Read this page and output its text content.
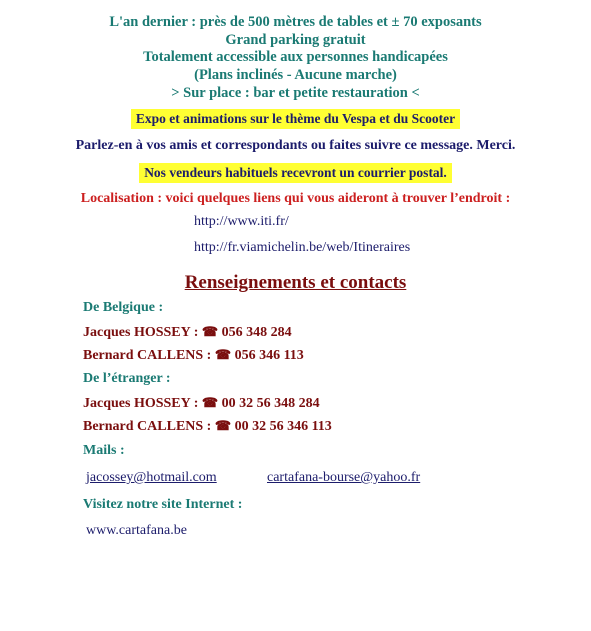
L'an dernier : près de 500 mètres de tables et ± 70 exposants
Grand parking gratuit
Totalement accessible aux personnes handicapées
(Plans inclinés - Aucune marche)
> Sur place : bar et petite restauration <
Expo et animations sur le thème du Vespa et du Scooter
Parlez-en à vos amis et correspondants ou faites suivre ce message. Merci.
Nos vendeurs habituels recevront un courrier postal.
Localisation : voici quelques liens qui vous aideront à trouver l’endroit :
http://www.iti.fr/
http://fr.viamichelin.be/web/Itineraires
Renseignements et contacts
De Belgique :
Jacques HOSSEY : ☎ 056 348 284
Bernard CALLENS : ☎ 056 346 113
De l’étranger :
Jacques HOSSEY : ☎ 00 32 56 348 284
Bernard CALLENS : ☎ 00 32 56 346 113
Mails :
jacossey@hotmail.com	cartafana-bourse@yahoo.fr
Visitez notre site Internet :
www.cartafana.be
